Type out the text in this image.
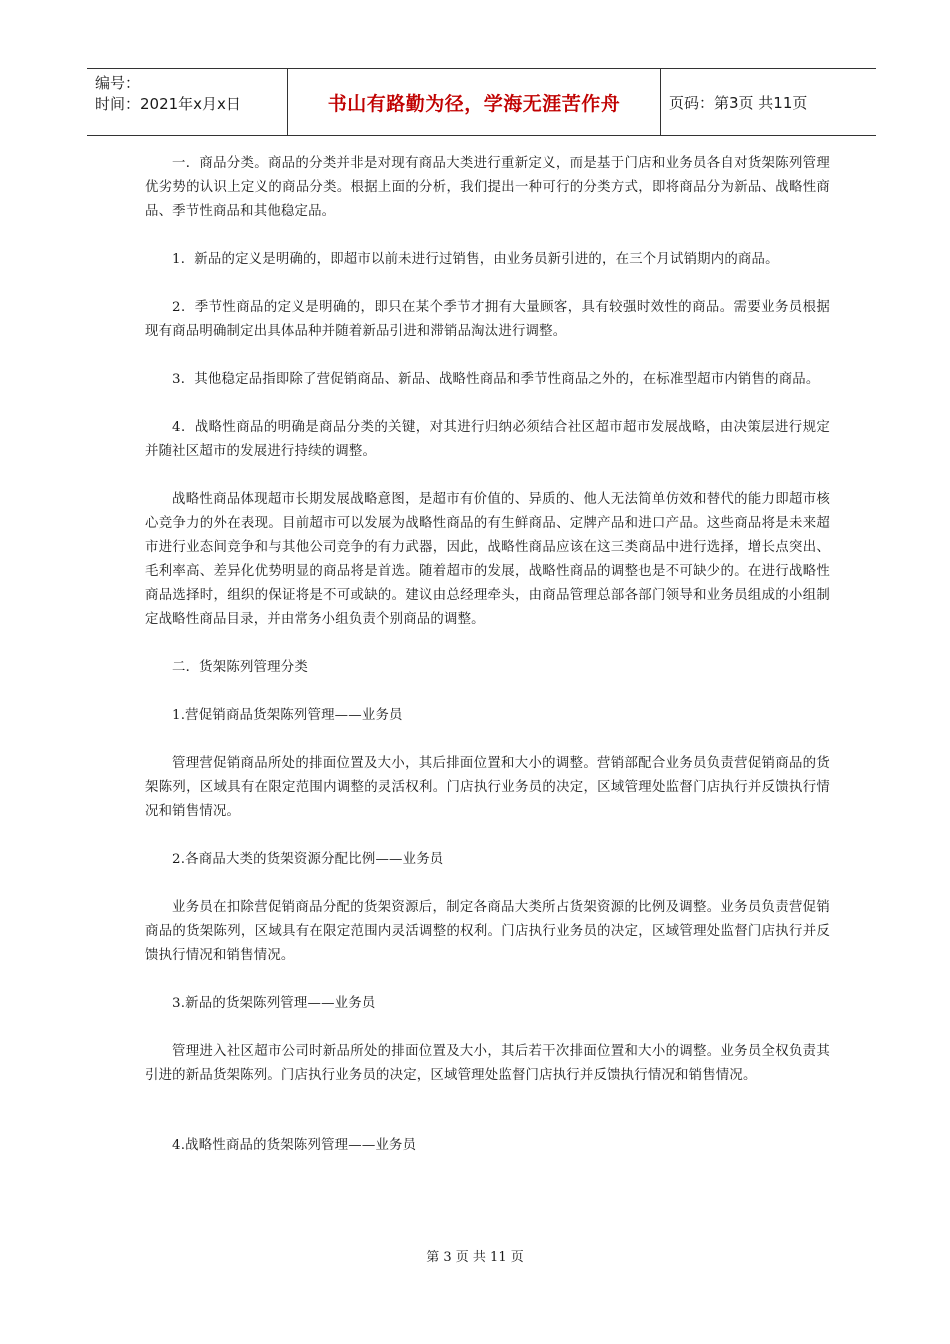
编号：
时间：2021年x月x日	书山有路勤为径，学海无涯苦作舟	页码：第3页 共11页

一．商品分类。商品的分类并非是对现有商品大类进行重新定义，而是基于门店和业务员各自对货架陈列管理优劣势的认识上定义的商品分类。根据上面的分析，我们提出一种可行的分类方式，即将商品分为新品、战略性商品、季节性商品和其他稳定品。

1．新品的定义是明确的，即超市以前未进行过销售，由业务员新引进的，在三个月试销期内的商品。

2．季节性商品的定义是明确的，即只在某个季节才拥有大量顾客，具有较强时效性的商品。需要业务员根据现有商品明确制定出具体品种并随着新品引进和滞销品淘汰进行调整。

3．其他稳定品指即除了营促销商品、新品、战略性商品和季节性商品之外的，在标准型超市内销售的商品。

4．战略性商品的明确是商品分类的关键，对其进行归纳必须结合社区超市超市发展战略，由决策层进行规定并随社区超市的发展进行持续的调整。

战略性商品体现超市长期发展战略意图，是超市有价值的、异质的、他人无法简单仿效和替代的能力即超市核心竞争力的外在表现。目前超市可以发展为战略性商品的有生鲜商品、定牌产品和进口产品。这些商品将是未来超市进行业态间竞争和与其他公司竞争的有力武器，因此，战略性商品应该在这三类商品中进行选择，增长点突出、毛利率高、差异化优势明显的商品将是首选。随着超市的发展，战略性商品的调整也是不可缺少的。在进行战略性商品选择时，组织的保证将是不可或缺的。建议由总经理牵头，由商品管理总部各部门领导和业务员组成的小组制定战略性商品目录，并由常务小组负责个别商品的调整。

二．货架陈列管理分类

1.营促销商品货架陈列管理——业务员

管理营促销商品所处的排面位置及大小，其后排面位置和大小的调整。营销部配合业务员负责营促销商品的货架陈列，区域具有在限定范围内调整的灵活权利。门店执行业务员的决定，区域管理处监督门店执行并反馈执行情况和销售情况。

2.各商品大类的货架资源分配比例——业务员

业务员在扣除营促销商品分配的货架资源后，制定各商品大类所占货架资源的比例及调整。业务员负责营促销商品的货架陈列，区域具有在限定范围内灵活调整的权利。门店执行业务员的决定，区域管理处监督门店执行并反馈执行情况和销售情况。

3.新品的货架陈列管理——业务员

管理进入社区超市公司时新品所处的排面位置及大小，其后若干次排面位置和大小的调整。业务员全权负责其引进的新品货架陈列。门店执行业务员的决定，区域管理处监督门店执行并反馈执行情况和销售情况。

4.战略性商品的货架陈列管理——业务员

第 3 页 共 11 页
